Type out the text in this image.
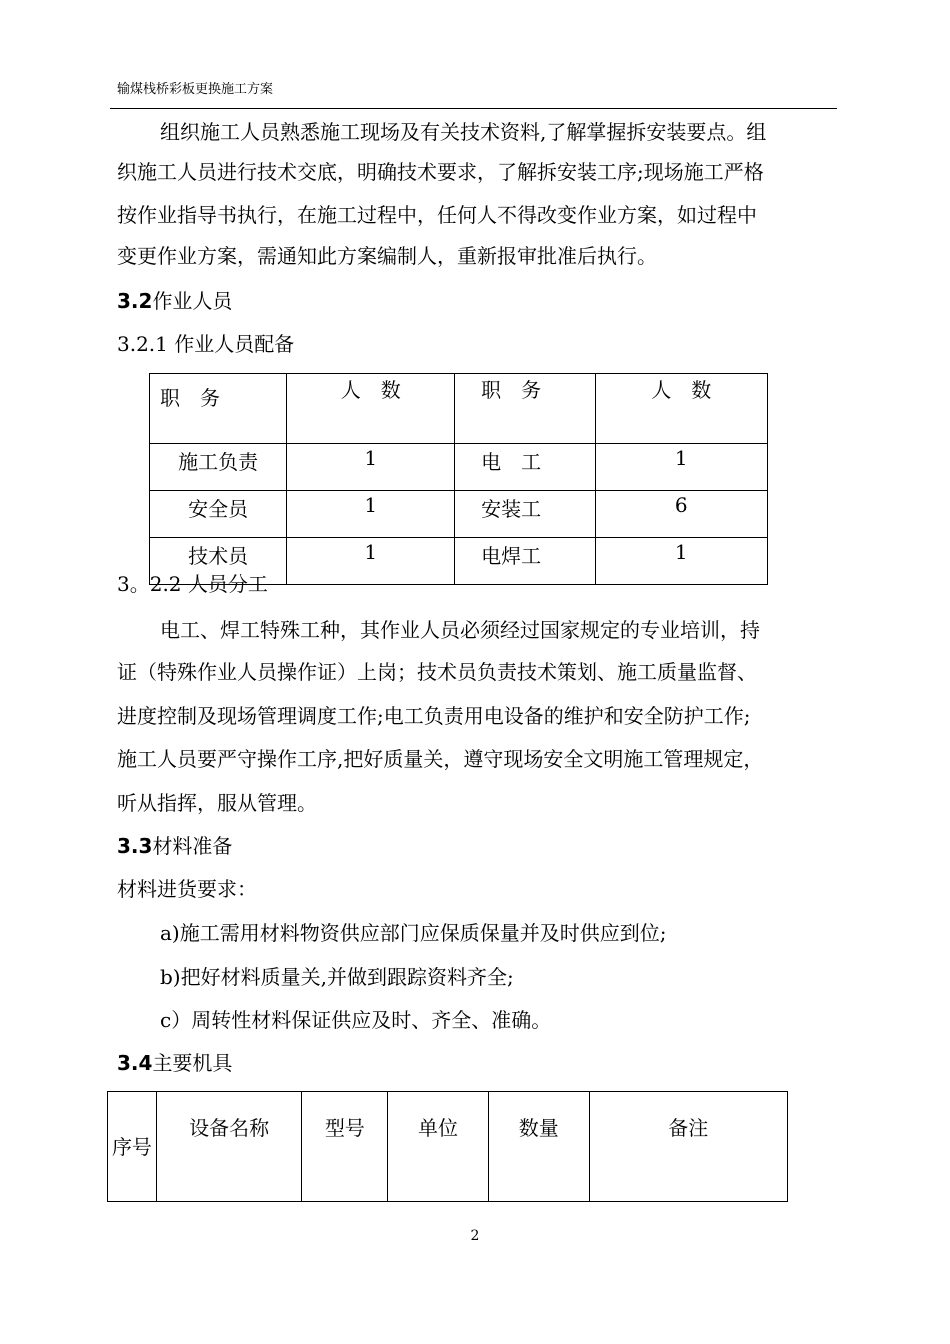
输煤栈桥彩板更换施工方案
组织施工人员熟悉施工现场及有关技术资料,了解掌握拆安装要点。组
织施工人员进行技术交底，明确技术要求，了解拆安装工序;现场施工严格
按作业指导书执行，在施工过程中，任何人不得改变作业方案，如过程中
变更作业方案，需通知此方案编制人，重新报审批准后执行。
3.2作业人员
3.2.1 作业人员配备
职　务	人　数	职　务	人　数
施工负责	1	电　工	1
安全员	1	安装工	6
技术员	1	电焊工	1
3。2.2 人员分工
电工、焊工特殊工种，其作业人员必须经过国家规定的专业培训，持
证（特殊作业人员操作证）上岗；技术员负责技术策划、施工质量监督、
进度控制及现场管理调度工作;电工负责用电设备的维护和安全防护工作;
施工人员要严守操作工序,把好质量关，遵守现场安全文明施工管理规定，
听从指挥，服从管理。
3.3材料准备
材料进货要求：
a)施工需用材料物资供应部门应保质保量并及时供应到位;
b)把好材料质量关,并做到跟踪资料齐全;
c）周转性材料保证供应及时、齐全、准确。
3.4主要机具
序号	设备名称	型号	单位	数量	备注
2
